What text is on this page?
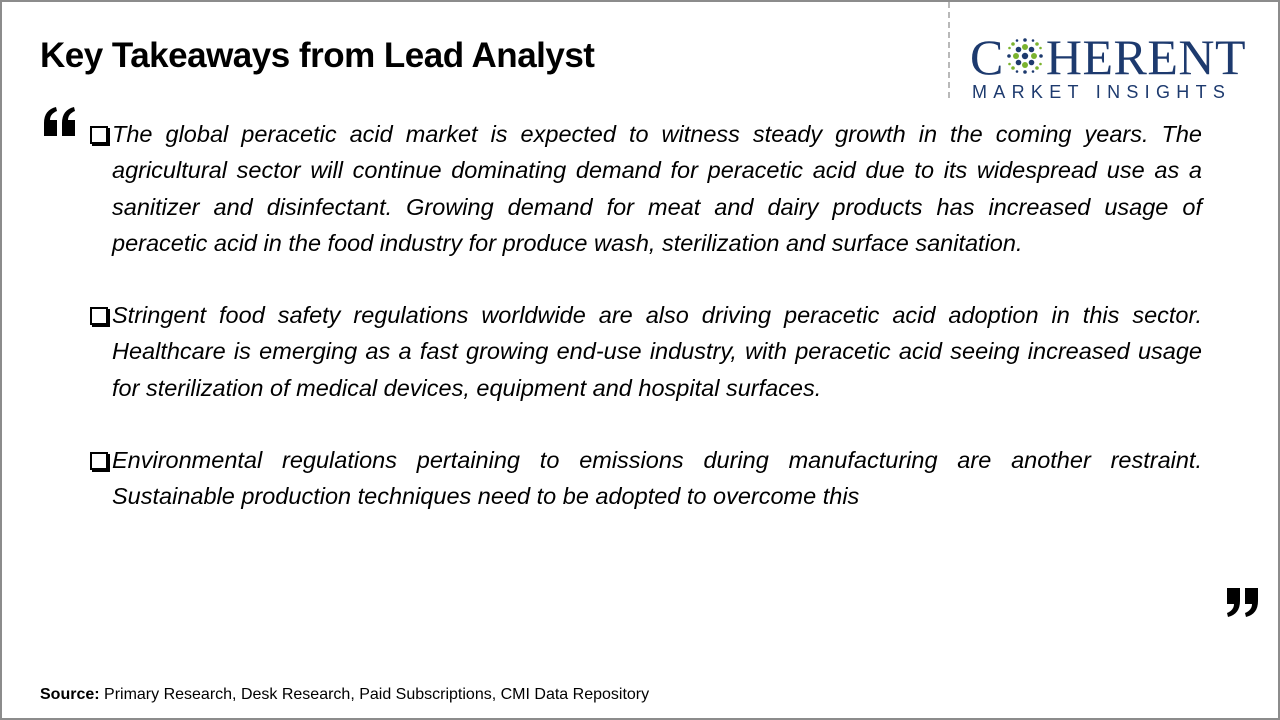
Key Takeaways from Lead Analyst	C HERENT
MARKET INSIGHTS
The global peracetic acid market is expected to witness steady growth in the coming years. The agricultural sector will continue dominating demand for peracetic acid due to its widespread use as a sanitizer and disinfectant. Growing demand for meat and dairy products has increased usage of peracetic acid in the food industry for produce wash, sterilization and surface sanitation.
Stringent food safety regulations worldwide are also driving peracetic acid adoption in this sector. Healthcare is emerging as a fast growing end-use industry, with peracetic acid seeing increased usage for sterilization of medical devices, equipment and hospital surfaces.
Environmental regulations pertaining to emissions during manufacturing are another restraint. Sustainable production techniques need to be adopted to overcome this
Source: Primary Research, Desk Research, Paid Subscriptions, CMI Data Repository
